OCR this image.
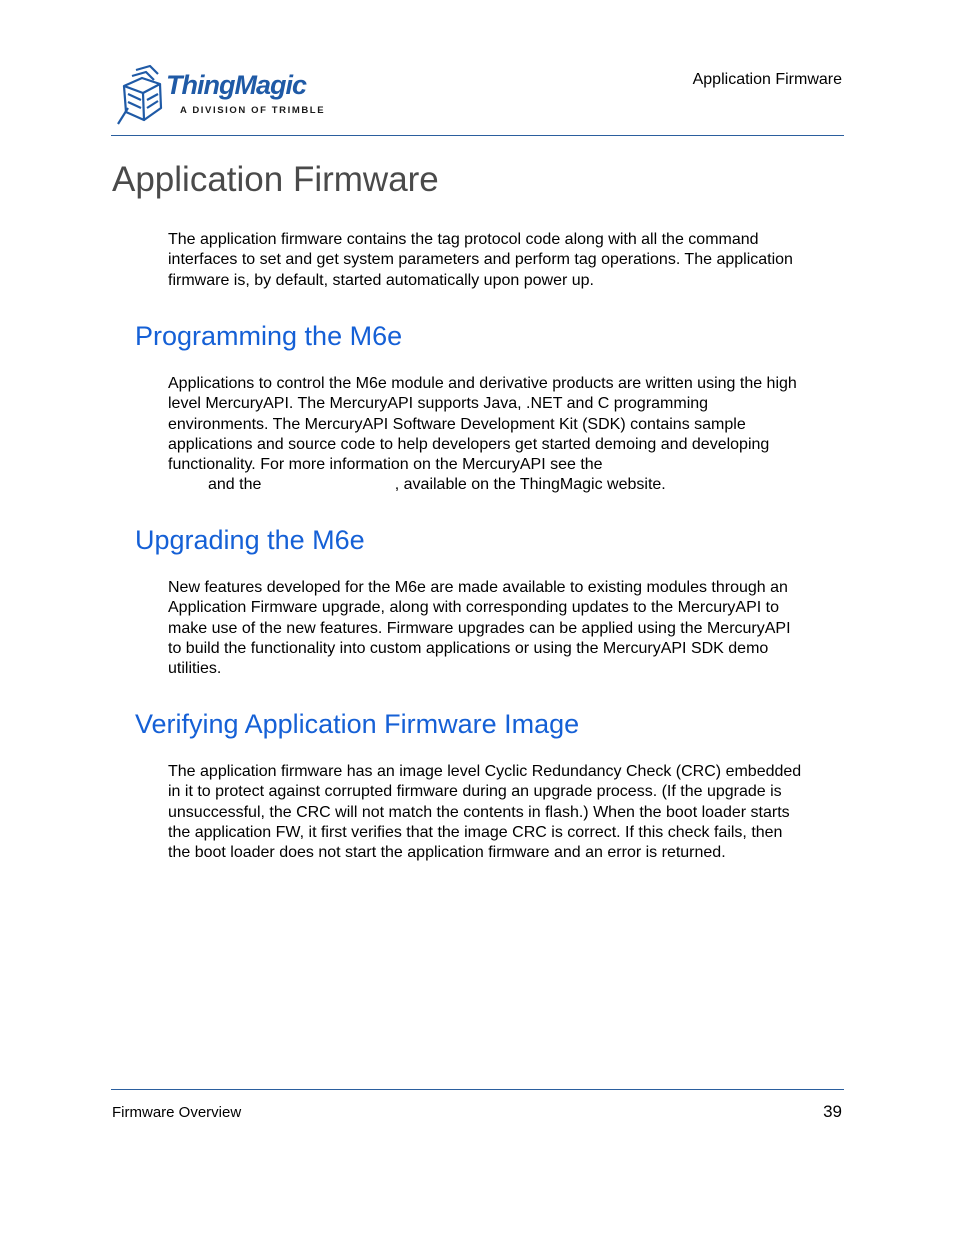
ThingMagic
A DIVISION OF TRIMBLE
Application Firmware
Application Firmware

The application firmware contains the tag protocol code along with all the command
interfaces to set and get system parameters and perform tag operations. The application
firmware is, by default, started automatically upon power up.

Programming the M6e

Applications to control the M6e module and derivative products are written using the high
level MercuryAPI. The MercuryAPI supports Java, .NET and C programming
environments. The MercuryAPI Software Development Kit (SDK) contains sample
applications and source code to help developers get started demoing and developing
functionality. For more information on the MercuryAPI see the
and the                              , available on the ThingMagic website.

Upgrading the M6e

New features developed for the M6e are made available to existing modules through an
Application Firmware upgrade, along with corresponding updates to the MercuryAPI to
make use of the new features. Firmware upgrades can be applied using the MercuryAPI
to build the functionality into custom applications or using the MercuryAPI SDK demo
utilities.

Verifying Application Firmware Image

The application firmware has an image level Cyclic Redundancy Check (CRC) embedded
in it to protect against corrupted firmware during an upgrade process. (If the upgrade is
unsuccessful, the CRC will not match the contents in flash.) When the boot loader starts
the application FW, it first verifies that the image CRC is correct. If this check fails, then
the boot loader does not start the application firmware and an error is returned.

Firmware Overview	39
